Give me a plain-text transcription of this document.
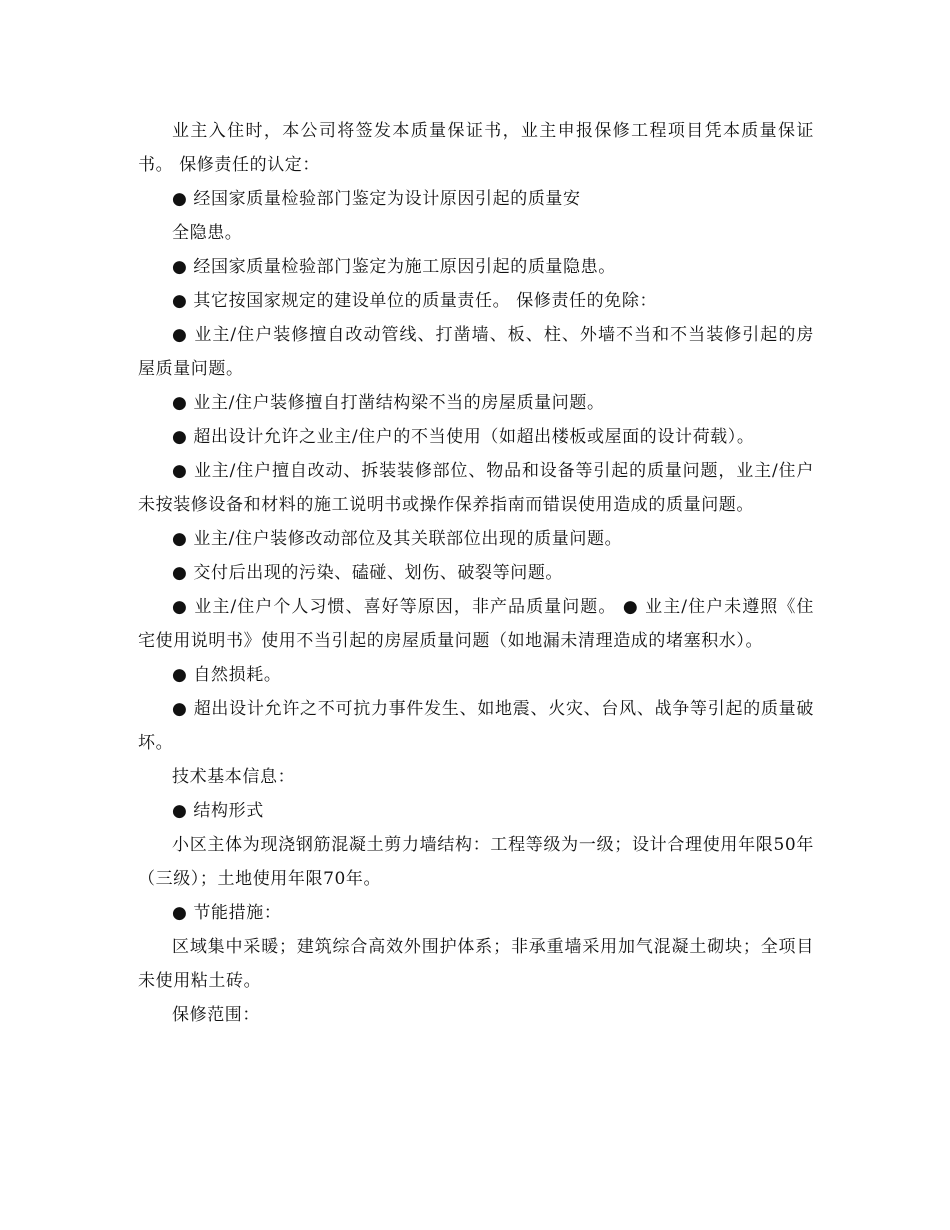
业主入住时，本公司将签发本质量保证书，业主申报保修工程项目凭本质量保证书。 保修责任的认定：

● 经国家质量检验部门鉴定为设计原因引起的质量安

全隐患。

● 经国家质量检验部门鉴定为施工原因引起的质量隐患。

● 其它按国家规定的建设单位的质量责任。 保修责任的免除：

● 业主/住户装修擅自改动管线、打凿墙、板、柱、外墙不当和不当装修引起的房屋质量问题。

● 业主/住户装修擅自打凿结构梁不当的房屋质量问题。

● 超出设计允许之业主/住户的不当使用（如超出楼板或屋面的设计荷载）。

● 业主/住户擅自改动、拆装装修部位、物品和设备等引起的质量问题，业主/住户未按装修设备和材料的施工说明书或操作保养指南而错误使用造成的质量问题。

● 业主/住户装修改动部位及其关联部位出现的质量问题。

● 交付后出现的污染、磕碰、划伤、破裂等问题。

● 业主/住户个人习惯、喜好等原因，非产品质量问题。 ● 业主/住户未遵照《住宅使用说明书》使用不当引起的房屋质量问题（如地漏未清理造成的堵塞积水）。

● 自然损耗。

● 超出设计允许之不可抗力事件发生、如地震、火灾、台风、战争等引起的质量破坏。

技术基本信息：

● 结构形式

小区主体为现浇钢筋混凝土剪力墙结构：工程等级为一级；设计合理使用年限50年（三级）；土地使用年限70年。

● 节能措施：

区域集中采暖；建筑综合高效外围护体系；非承重墙采用加气混凝土砌块；全项目未使用粘土砖。

保修范围：
